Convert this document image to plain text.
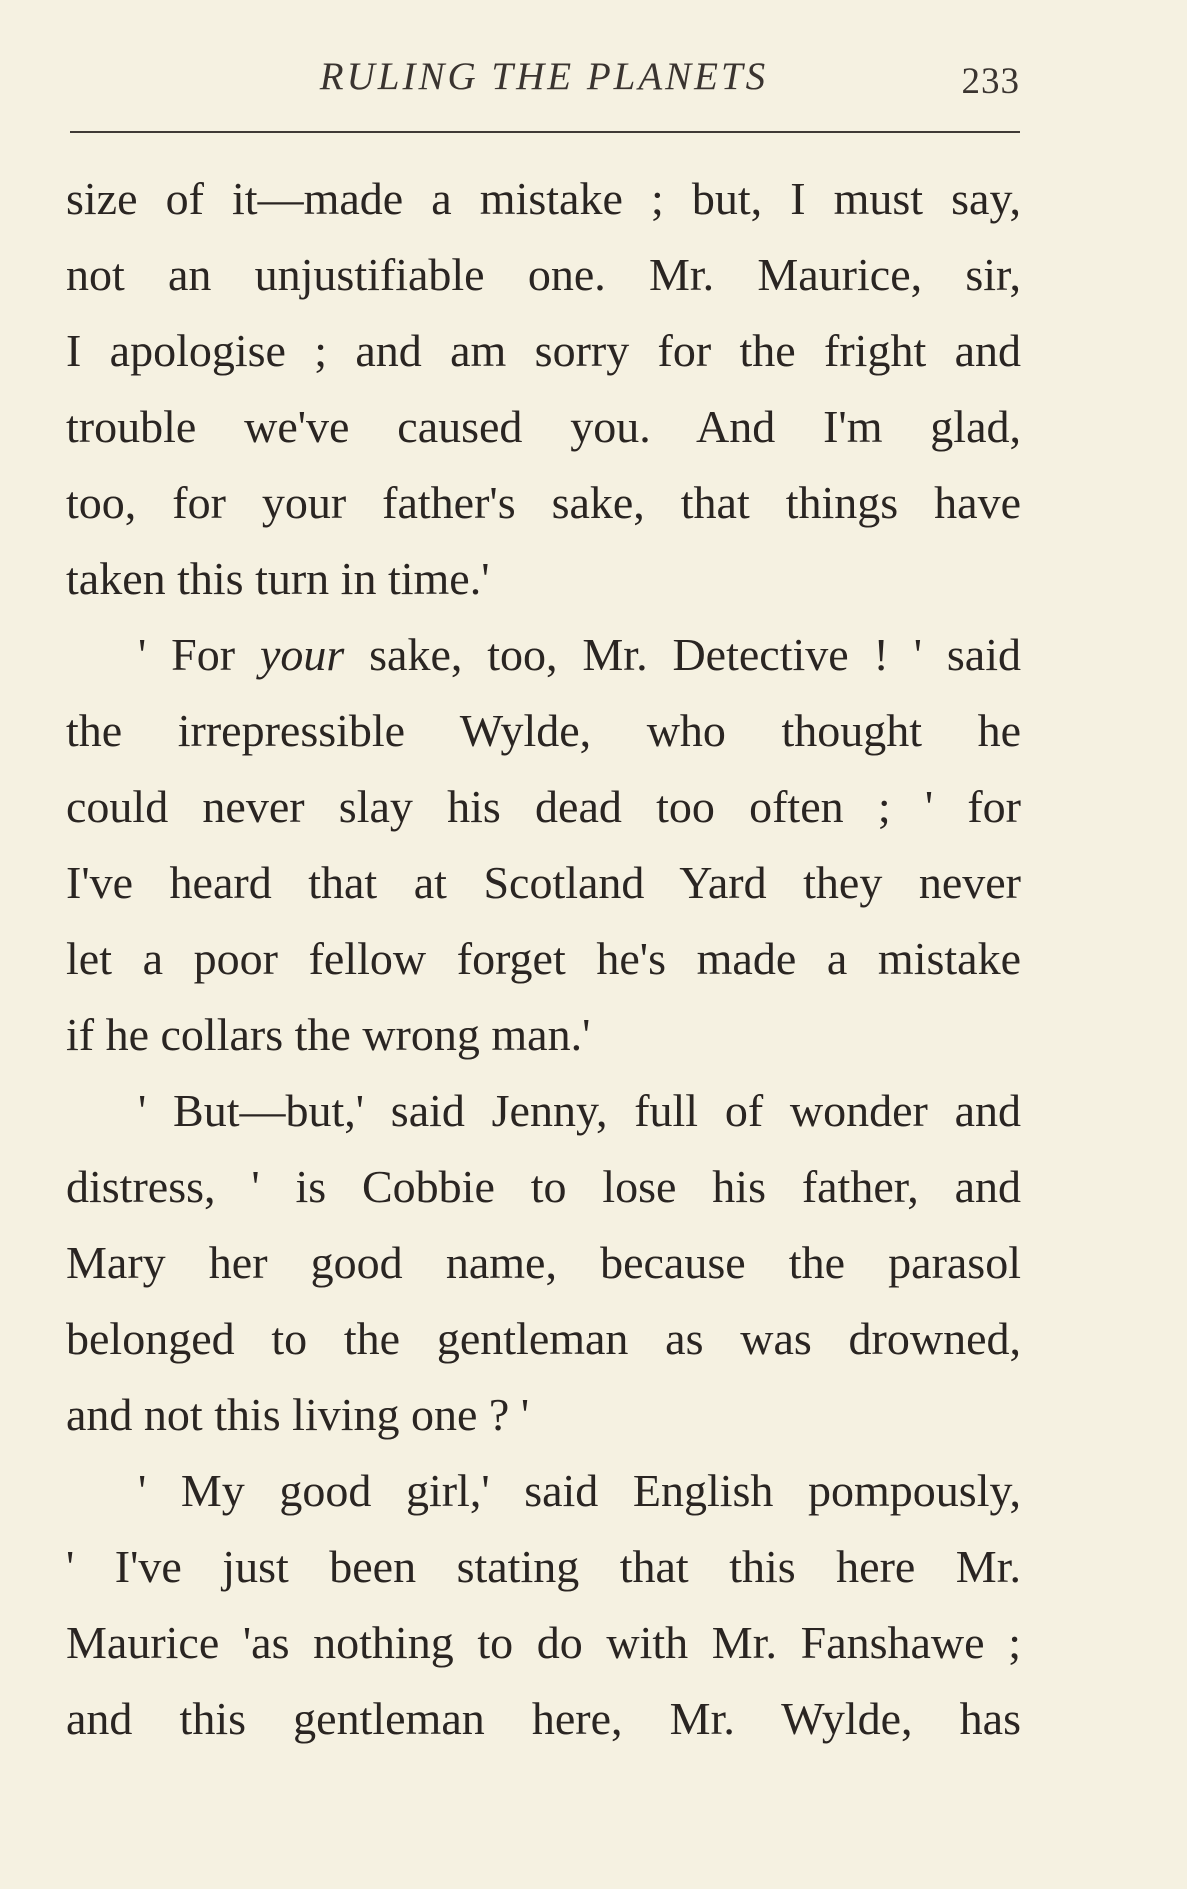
RULING THE PLANETS	233
size of it—made a mistake ; but, I must say,
not an unjustifiable one. Mr. Maurice, sir,
I apologise ; and am sorry for the fright and
trouble we've caused you. And I'm glad,
too, for your father's sake, that things have
taken this turn in time.'
' For your sake, too, Mr. Detective ! ' said
the irrepressible Wylde, who thought he
could never slay his dead too often ; ' for
I've heard that at Scotland Yard they never
let a poor fellow forget he's made a mistake
if he collars the wrong man.'
' But—but,' said Jenny, full of wonder and
distress, ' is Cobbie to lose his father, and
Mary her good name, because the parasol
belonged to the gentleman as was drowned,
and not this living one ? '
' My good girl,' said English pompously,
' I've just been stating that this here Mr.
Maurice 'as nothing to do with Mr. Fanshawe ;
and this gentleman here, Mr. Wylde, has
